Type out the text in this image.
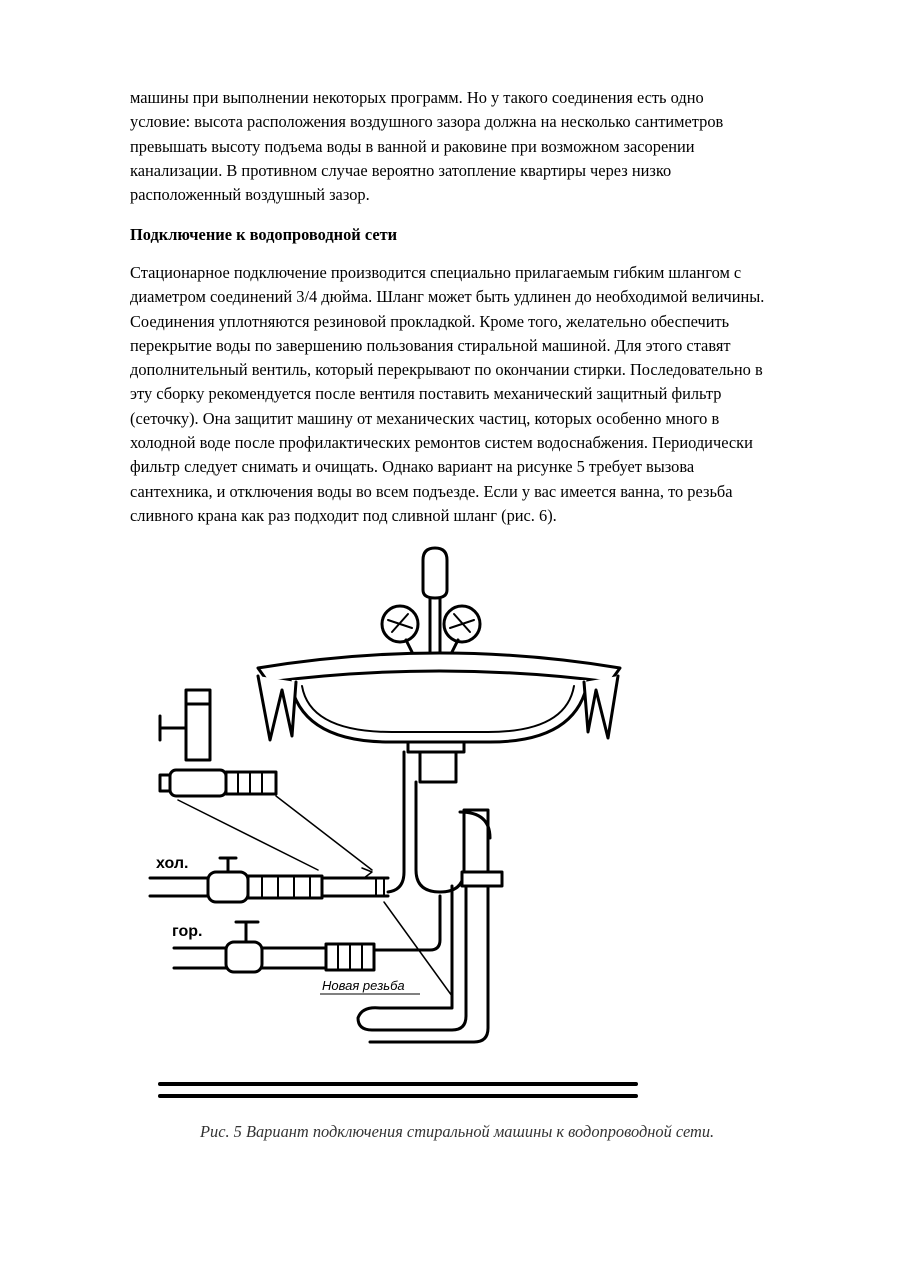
машины при выполнении некоторых программ. Но у такого соединения есть одно
условие: высота расположения воздушного зазора должна на несколько сантиметров
превышать высоту подъема воды в ванной и раковине при возможном засорении
канализации. В противном случае вероятно затопление квартиры через низко
расположенный воздушный зазор.
Подключение к водопроводной сети
Стационарное подключение производится специально прилагаемым гибким шлангом с
диаметром соединений 3/4 дюйма. Шланг может быть удлинен до необходимой величины.
Соединения уплотняются резиновой прокладкой. Кроме того, желательно обеспечить
перекрытие воды по завершению пользования стиральной машиной. Для этого ставят
дополнительный вентиль, который перекрывают по окончании стирки. Последовательно в
эту сборку рекомендуется после вентиля поставить механический защитный фильтр
(сеточку). Она защитит машину от механических частиц, которых особенно много в
холодной воде после профилактических ремонтов систем водоснабжения. Периодически
фильтр следует снимать и очищать. Однако вариант на рисунке 5 требует вызова
сантехника, и отключения воды во всем подъезде. Если у вас имеется ванна, то резьба
сливного крана как раз подходит под сливной шланг (рис. 6).
хол.
гор.
Новая резьба
Рис. 5 Вариант подключения стиральной машины к водопроводной сети.
